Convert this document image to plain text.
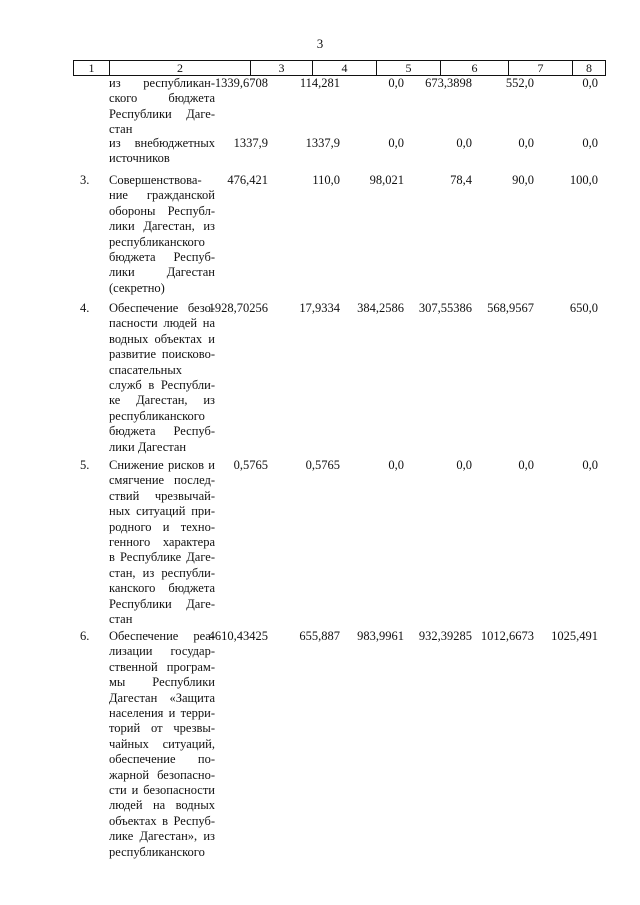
3
1	2	3	4	5	6	7	8
из республикан-
ского бюджета
Республики Даге-
стан
1339,6708	114,281	0,0 673,3898	552,0	0,0
из внебюджетных
источников
1337,9	1337,9	0,0	0,0	0,0	0,0
3.	Совершенствова-
ние гражданской
обороны Республ-
лики Дагестан, из
республиканского
бюджета Респуб-
лики Дагестан
(секретно)
476,421	110,0 98,021	78,4	90,0	100,0
4.	Обеспечение безо-
пасности людей на
водных объектах и
развитие поисково-
спасательных
служб в Республи-
ке Дагестан, из
республиканского
бюджета Респуб-
лики Дагестан
1928,70256	17,9334 384,2586 307,55386 568,9567	650,0
5.	Снижение рисков и
смягчение послед-
ствий чрезвычай-
ных ситуаций при-
родного и техно-
генного характера
в Республике Даге-
стан, из республи-
канского бюджета
Республики Даге-
стан
0,5765	0,5765	0,0	0,0	0,0	0,0
6.	Обеспечение реа-
лизации государ-
ственной програм-
мы Республики
Дагестан «Защита
населения и терри-
торий от чрезвы-
чайных ситуаций,
обеспечение по-
жарной безопасно-
сти и безопасности
людей на водных
объектах в Респуб-
лике Дагестан», из
республиканского
4610,43425	655,887 983,9961 932,39285 1012,6673 1025,491
